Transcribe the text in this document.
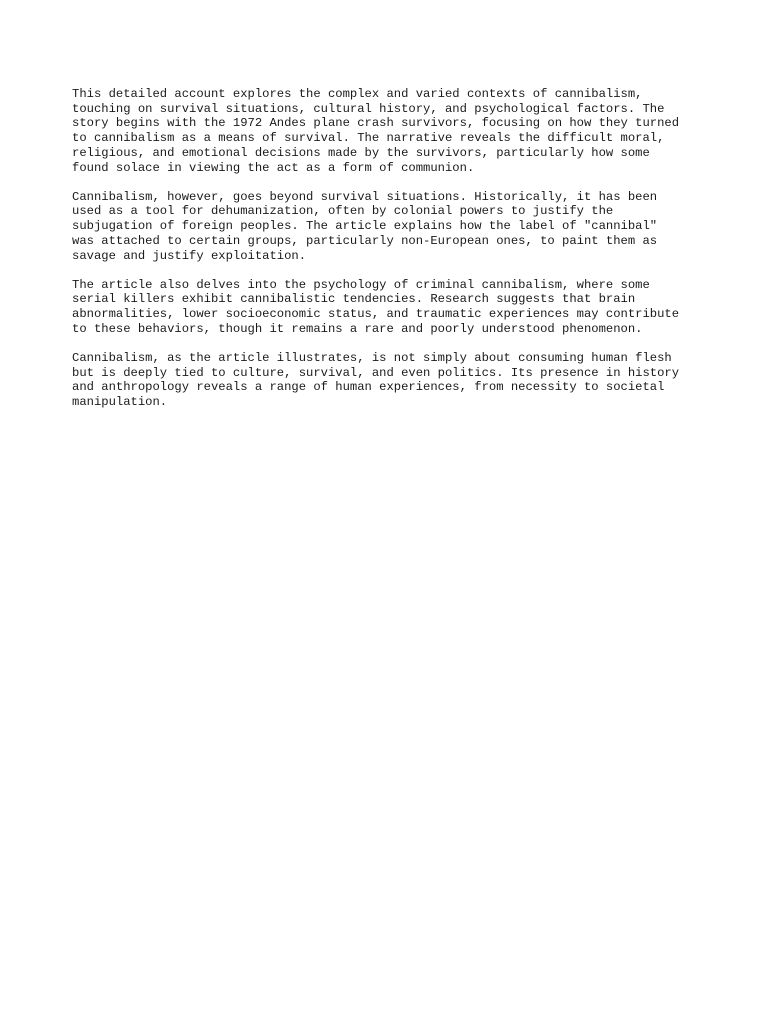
This detailed account explores the complex and varied contexts of cannibalism,
touching on survival situations, cultural history, and psychological factors. The
story begins with the 1972 Andes plane crash survivors, focusing on how they turned
to cannibalism as a means of survival. The narrative reveals the difficult moral,
religious, and emotional decisions made by the survivors, particularly how some
found solace in viewing the act as a form of communion.

Cannibalism, however, goes beyond survival situations. Historically, it has been
used as a tool for dehumanization, often by colonial powers to justify the
subjugation of foreign peoples. The article explains how the label of "cannibal"
was attached to certain groups, particularly non-European ones, to paint them as
savage and justify exploitation.

The article also delves into the psychology of criminal cannibalism, where some
serial killers exhibit cannibalistic tendencies. Research suggests that brain
abnormalities, lower socioeconomic status, and traumatic experiences may contribute
to these behaviors, though it remains a rare and poorly understood phenomenon.

Cannibalism, as the article illustrates, is not simply about consuming human flesh
but is deeply tied to culture, survival, and even politics. Its presence in history
and anthropology reveals a range of human experiences, from necessity to societal
manipulation.
